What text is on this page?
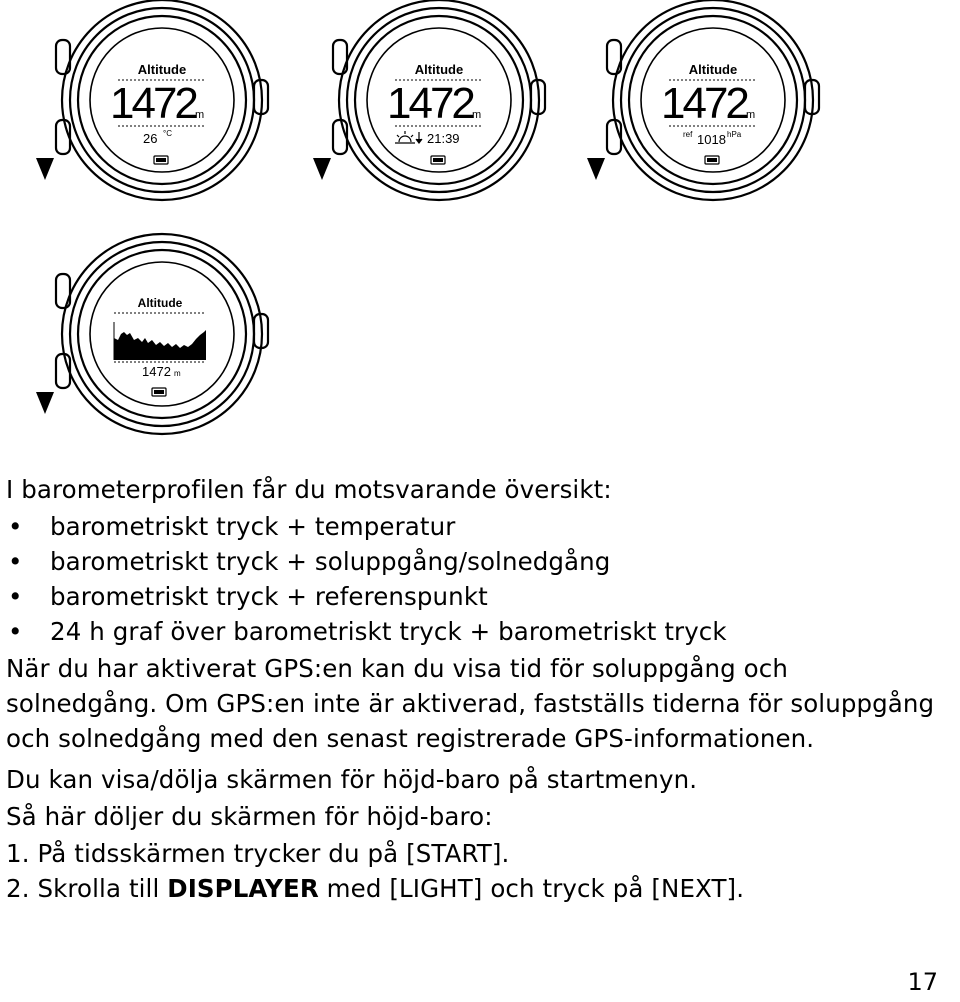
Altitude
1472 m
26 °C
Altitude
1472 m
21:39
Altitude
1472 m
ref 1018 hPa
Altitude
1472 m

I barometerprofilen får du motsvarande översikt:

• barometriskt tryck + temperatur
• barometriskt tryck + soluppgång/solnedgång
• barometriskt tryck + referenspunkt
• 24 h graf över barometriskt tryck + barometriskt tryck

När du har aktiverat GPS:en kan du visa tid för soluppgång och solnedgång. Om GPS:en inte är aktiverad, fastställs tiderna för soluppgång och solnedgång med den senast registrerade GPS-informationen.

Du kan visa/dölja skärmen för höjd-baro på startmenyn.

Så här döljer du skärmen för höjd-baro:

1. På tidsskärmen trycker du på [START].
2. Skrolla till DISPLAYER med [LIGHT] och tryck på [NEXT].
17
